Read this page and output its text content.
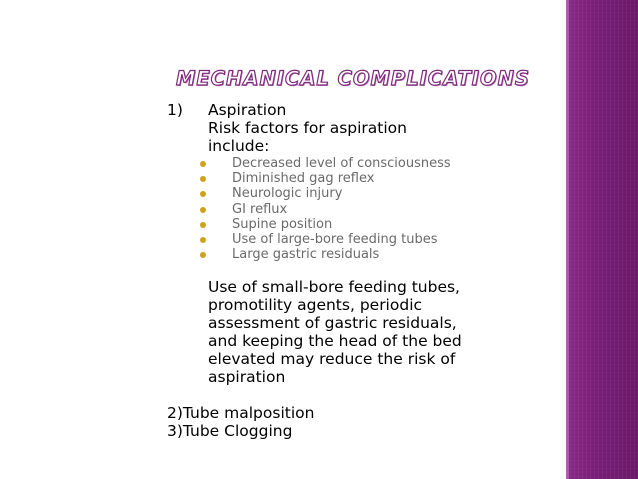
MECHANICAL COMPLICATIONS
1) Aspiration
Risk factors for aspiration
include:
Decreased level of consciousness
Diminished gag reflex
Neurologic injury
GI reflux
Supine position
Use of large-bore feeding tubes
Large gastric residuals
Use of small-bore feeding tubes,
promotility agents, periodic
assessment of gastric residuals,
and keeping the head of the bed
elevated may reduce the risk of
aspiration
2)Tube malposition
3)Tube Clogging
